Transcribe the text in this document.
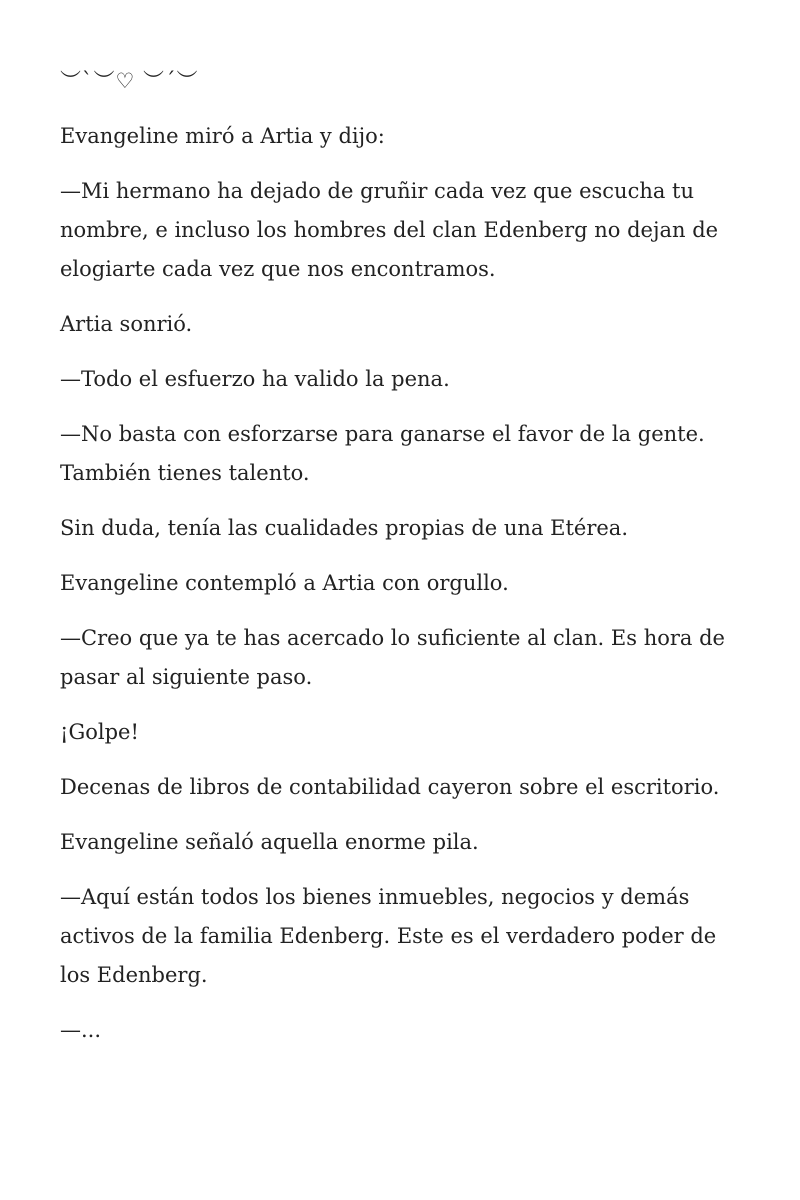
︶`︶♡ ︶´︶

Evangeline miró a Artia y dijo:

—Mi hermano ha dejado de gruñir cada vez que escucha tu nombre, e incluso los hombres del clan Edenberg no dejan de elogiarte cada vez que nos encontramos.

Artia sonrió.

—Todo el esfuerzo ha valido la pena.

—No basta con esforzarse para ganarse el favor de la gente. También tienes talento.

Sin duda, tenía las cualidades propias de una Etérea.

Evangeline contempló a Artia con orgullo.

—Creo que ya te has acercado lo suficiente al clan. Es hora de pasar al siguiente paso.

¡Golpe!

Decenas de libros de contabilidad cayeron sobre el escritorio.

Evangeline señaló aquella enorme pila.

—Aquí están todos los bienes inmuebles, negocios y demás activos de la familia Edenberg. Este es el verdadero poder de los Edenberg.

—...
